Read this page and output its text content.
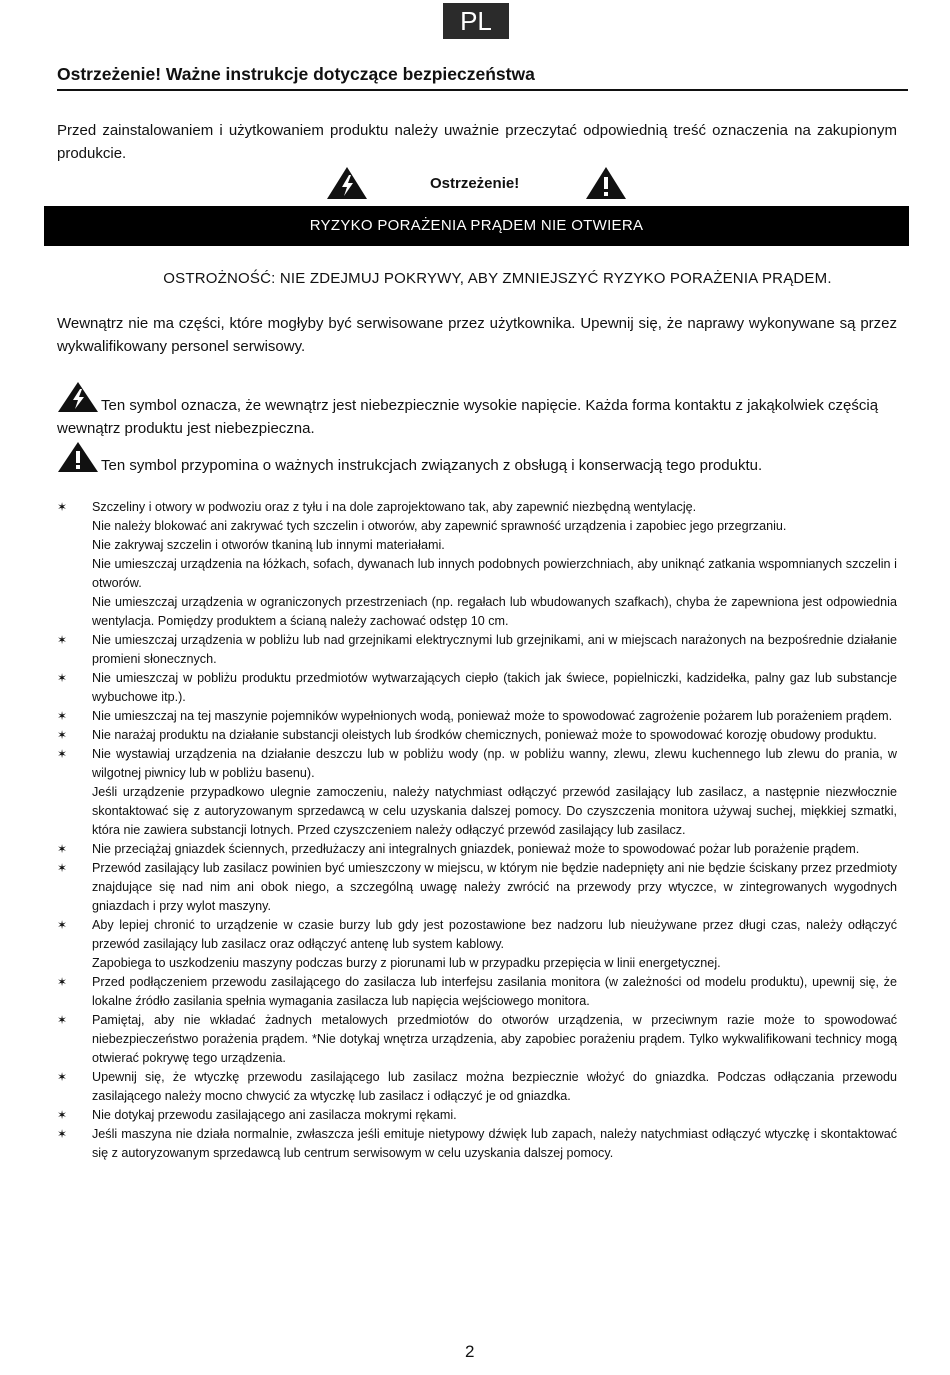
PL
Ostrzeżenie! Ważne instrukcje dotyczące bezpieczeństwa
Przed zainstalowaniem i użytkowaniem produktu należy uważnie przeczytać odpowiednią treść oznaczenia na zakupionym produkcie.
Ostrzeżenie!
RYZYKO PORAŻENIA PRĄDEM NIE OTWIERA
OSTROŻNOŚĆ: NIE ZDEJMUJ POKRYWY, ABY ZMNIEJSZYĆ RYZYKO PORAŻENIA PRĄDEM.
Wewnątrz nie ma części, które mogłyby być serwisowane przez użytkownika. Upewnij się, że naprawy wykonywane są przez wykwalifikowany personel serwisowy.
Ten symbol oznacza, że wewnątrz jest niebezpiecznie wysokie napięcie. Każda forma kontaktu z jakąkolwiek częścią wewnątrz produktu jest niebezpieczna.
Ten symbol przypomina o ważnych instrukcjach związanych z obsługą i konserwacją tego produktu.
✶ Szczeliny i otwory w podwoziu oraz z tyłu i na dole zaprojektowano tak, aby zapewnić niezbędną wentylację.
Nie należy blokować ani zakrywać tych szczelin i otworów, aby zapewnić sprawność urządzenia i zapobiec jego przegrzaniu.
Nie zakrywaj szczelin i otworów tkaniną lub innymi materiałami.
Nie umieszczaj urządzenia na łóżkach, sofach, dywanach lub innych podobnych powierzchniach, aby uniknąć zatkania wspomnianych szczelin i otworów.
Nie umieszczaj urządzenia w ograniczonych przestrzeniach (np. regałach lub wbudowanych szafkach), chyba że zapewniona jest odpowiednia wentylacja. Pomiędzy produktem a ścianą należy zachować odstęp 10 cm.
✶ Nie umieszczaj urządzenia w pobliżu lub nad grzejnikami elektrycznymi lub grzejnikami, ani w miejscach narażonych na bezpośrednie działanie promieni słonecznych.
✶ Nie umieszczaj w pobliżu produktu przedmiotów wytwarzających ciepło (takich jak świece, popielniczki, kadzidełka, palny gaz lub substancje wybuchowe itp.).
✶ Nie umieszczaj na tej maszynie pojemników wypełnionych wodą, ponieważ może to spowodować zagrożenie pożarem lub porażeniem prądem.
✶ Nie narażaj produktu na działanie substancji oleistych lub środków chemicznych, ponieważ może to spowodować korozję obudowy produktu.
✶ Nie wystawiaj urządzenia na działanie deszczu lub w pobliżu wody (np. w pobliżu wanny, zlewu, zlewu kuchennego lub zlewu do prania, w wilgotnej piwnicy lub w pobliżu basenu).
Jeśli urządzenie przypadkowo ulegnie zamoczeniu, należy natychmiast odłączyć przewód zasilający lub zasilacz, a następnie niezwłocznie skontaktować się z autoryzowanym sprzedawcą w celu uzyskania dalszej pomocy. Do czyszczenia monitora używaj suchej, miękkiej szmatki, która nie zawiera substancji lotnych. Przed czyszczeniem należy odłączyć przewód zasilający lub zasilacz.
✶ Nie przeciążaj gniazdek ściennych, przedłużaczy ani integralnych gniazdek, ponieważ może to spowodować pożar lub porażenie prądem.
✶ Przewód zasilający lub zasilacz powinien być umieszczony w miejscu, w którym nie będzie nadepnięty ani nie będzie ściskany przez przedmioty znajdujące się nad nim ani obok niego, a szczególną uwagę należy zwrócić na przewody przy wtyczce, w zintegrowanych wygodnych gniazdach i przy wylot maszyny.
✶ Aby lepiej chronić to urządzenie w czasie burzy lub gdy jest pozostawione bez nadzoru lub nieużywane przez długi czas, należy odłączyć przewód zasilający lub zasilacz oraz odłączyć antenę lub system kablowy.
Zapobiega to uszkodzeniu maszyny podczas burzy z piorunami lub w przypadku przepięcia w linii energetycznej.
✶ Przed podłączeniem przewodu zasilającego do zasilacza lub interfejsu zasilania monitora (w zależności od modelu produktu), upewnij się, że lokalne źródło zasilania spełnia wymagania zasilacza lub napięcia wejściowego monitora.
✶ Pamiętaj, aby nie wkładać żadnych metalowych przedmiotów do otworów urządzenia, w przeciwnym razie może to spowodować niebezpieczeństwo porażenia prądem. *Nie dotykaj wnętrza urządzenia, aby zapobiec porażeniu prądem. Tylko wykwalifikowani technicy mogą otwierać pokrywę tego urządzenia.
✶ Upewnij się, że wtyczkę przewodu zasilającego lub zasilacz można bezpiecznie włożyć do gniazdka. Podczas odłączania przewodu zasilającego należy mocno chwycić za wtyczkę lub zasilacz i odłączyć je od gniazdka.
✶ Nie dotykaj przewodu zasilającego ani zasilacza mokrymi rękami.
✶ Jeśli maszyna nie działa normalnie, zwłaszcza jeśli emituje nietypowy dźwięk lub zapach, należy natychmiast odłączyć wtyczkę i skontaktować się z autoryzowanym sprzedawcą lub centrum serwisowym w celu uzyskania dalszej pomocy.
2
